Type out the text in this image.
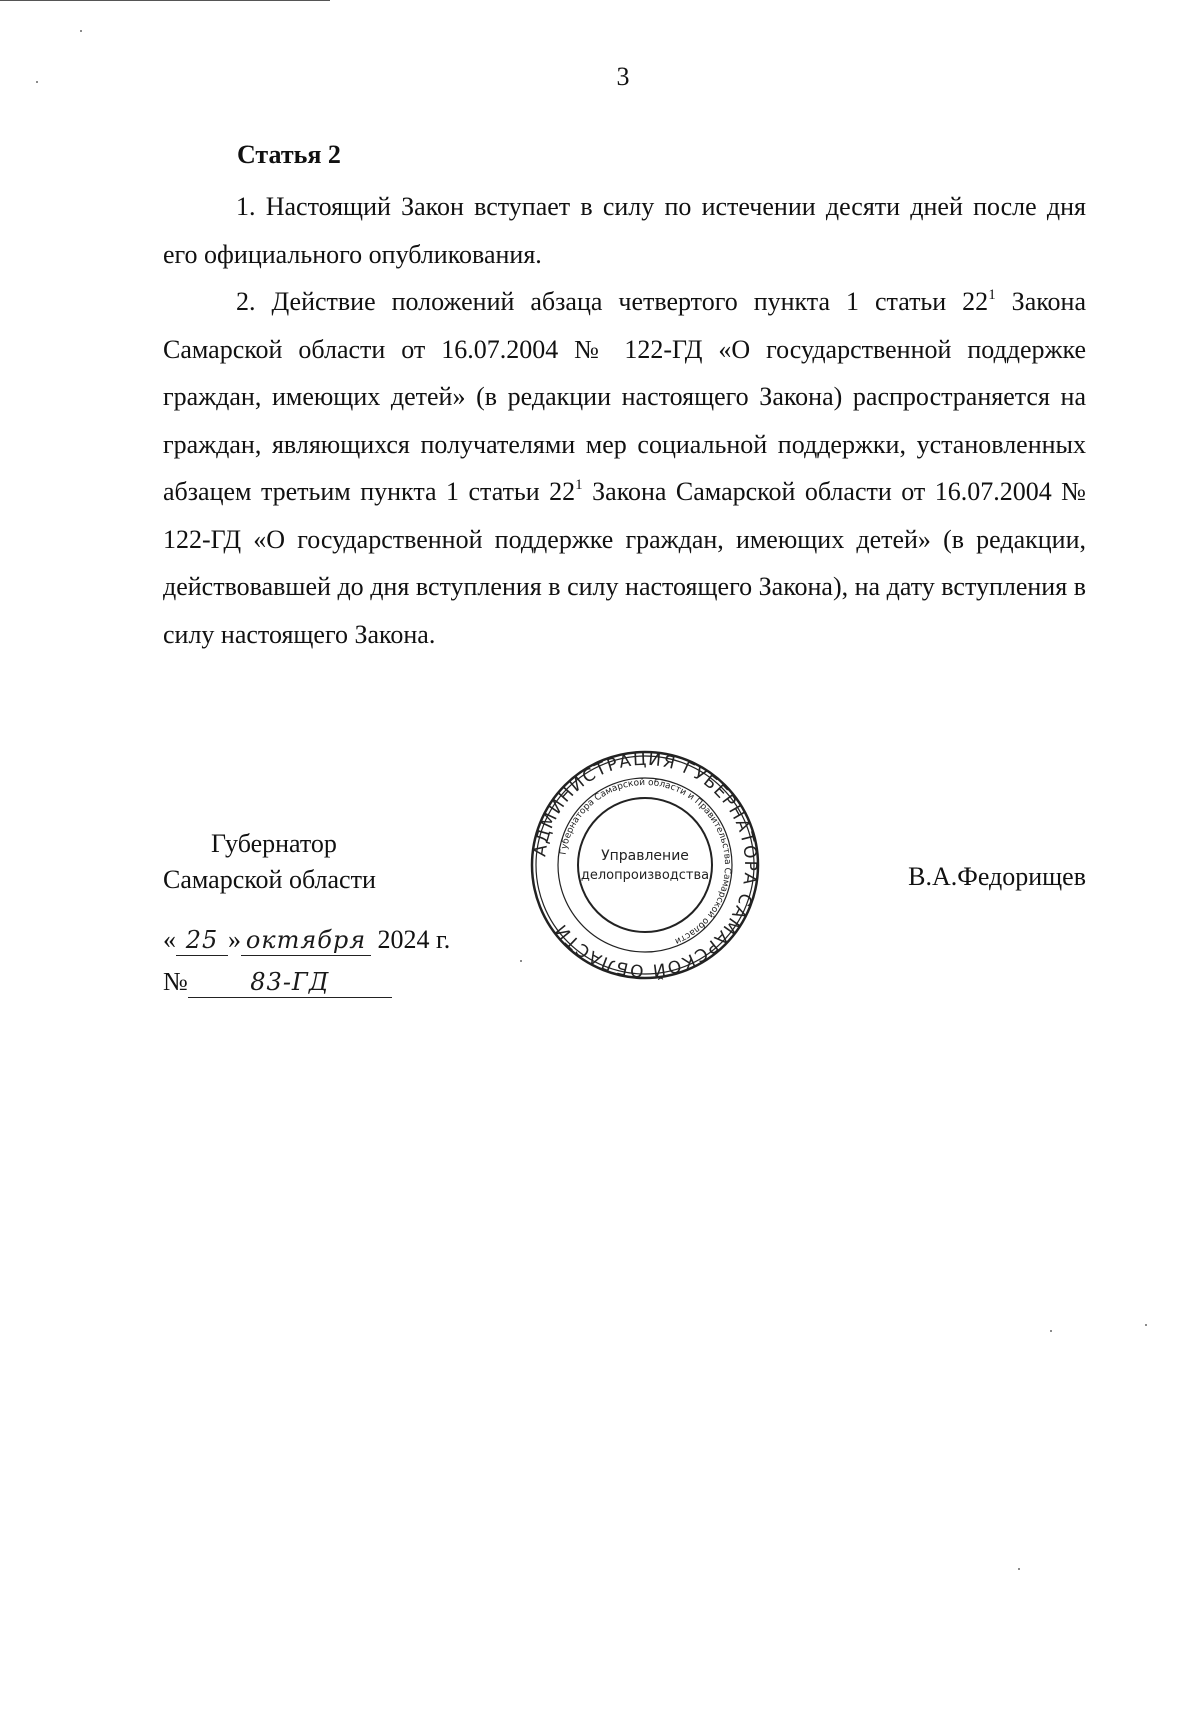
3
Статья 2

1. Настоящий Закон вступает в силу по истечении десяти дней после дня его официального опубликования.

2. Действие положений абзаца четвертого пункта 1 статьи $22^1$ Закона Самарской области от 16.07.2004 № 122-ГД «О государственной поддержке граждан, имеющих детей» (в редакции настоящего Закона) распространяется на граждан, являющихся получателями мер социальной поддержки, установленных абзацем третьим пункта 1 статьи $22^1$ Закона Самарской области от 16.07.2004 № 122-ГД «О государственной поддержке граждан, имеющих детей» (в редакции, действовавшей до дня вступления в силу настоящего Закона), на дату вступления в силу настоящего Закона.

Губернатор
Самарской области	В.А.Федорищев
« 25 » октября 2024 г.
№	83-ГД
АДМИНИСТРАЦИЯ ГУБЕРНАТОРА САМАРСКОЙ ОБЛАСТИ
Губернатора Самарской области и Правительства Самарской области
Управление
делопроизводства
